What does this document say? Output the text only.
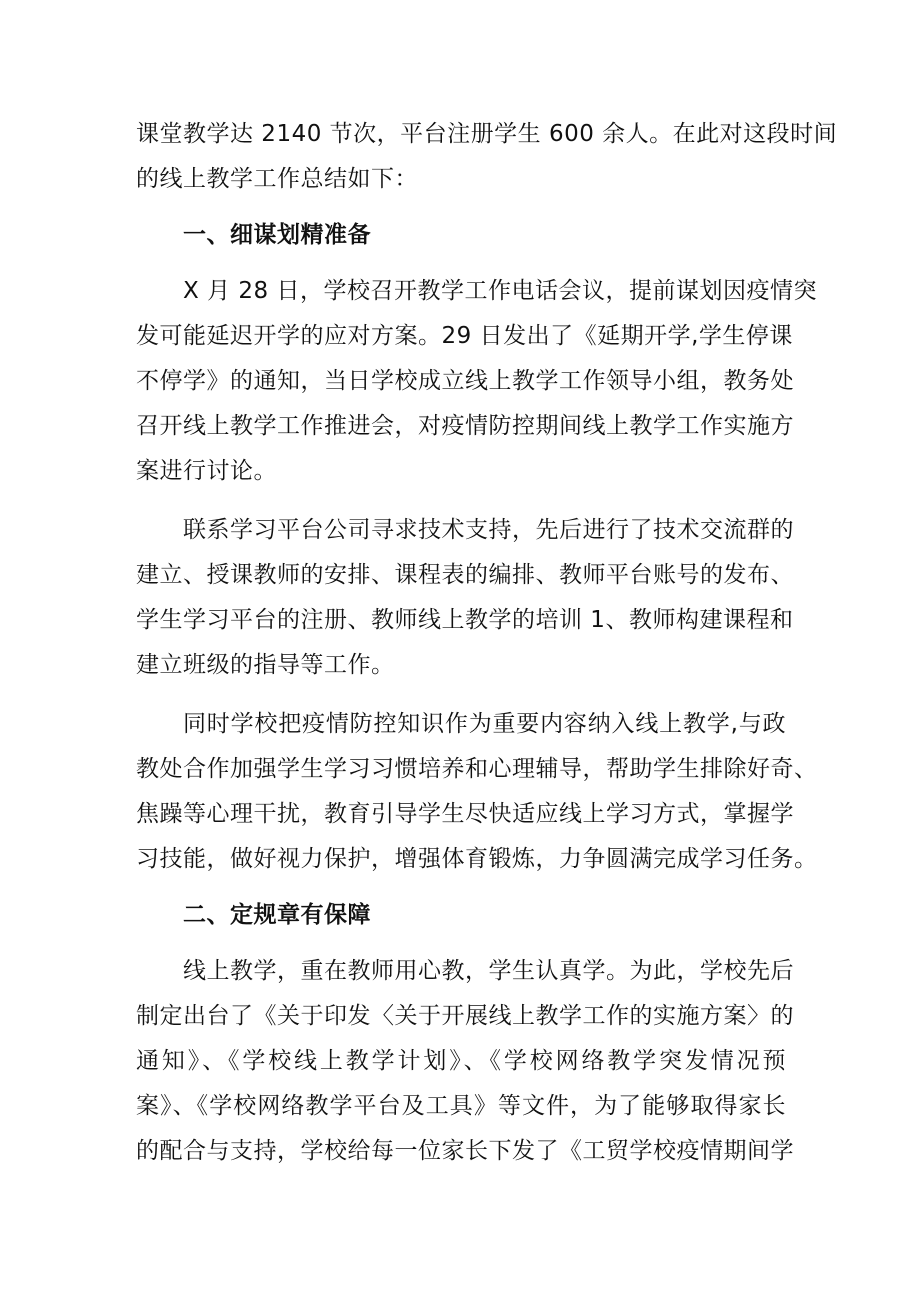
课堂教学达 2140 节次，平台注册学生 600 余人。在此对这段时间
的线上教学工作总结如下：
一、细谋划精准备
X 月 28 日，学校召开教学工作电话会议，提前谋划因疫情突
发可能延迟开学的应对方案。29 日发出了《延期开学,学生停课
不停学》的通知，当日学校成立线上教学工作领导小组，教务处
召开线上教学工作推进会，对疫情防控期间线上教学工作实施方
案进行讨论。
联系学习平台公司寻求技术支持，先后进行了技术交流群的
建立、授课教师的安排、课程表的编排、教师平台账号的发布、
学生学习平台的注册、教师线上教学的培训 1、教师构建课程和
建立班级的指导等工作。
同时学校把疫情防控知识作为重要内容纳入线上教学,与政
教处合作加强学生学习习惯培养和心理辅导，帮助学生排除好奇、
焦躁等心理干扰，教育引导学生尽快适应线上学习方式，掌握学
习技能，做好视力保护，增强体育锻炼，力争圆满完成学习任务。
二、定规章有保障
线上教学，重在教师用心教，学生认真学。为此，学校先后
制定出台了《关于印发〈关于开展线上教学工作的实施方案〉的
通知》、《学校线上教学计划》、《学校网络教学突发情况预
案》、《学校网络教学平台及工具》等文件，为了能够取得家长
的配合与支持，学校给每一位家长下发了《工贸学校疫情期间学
